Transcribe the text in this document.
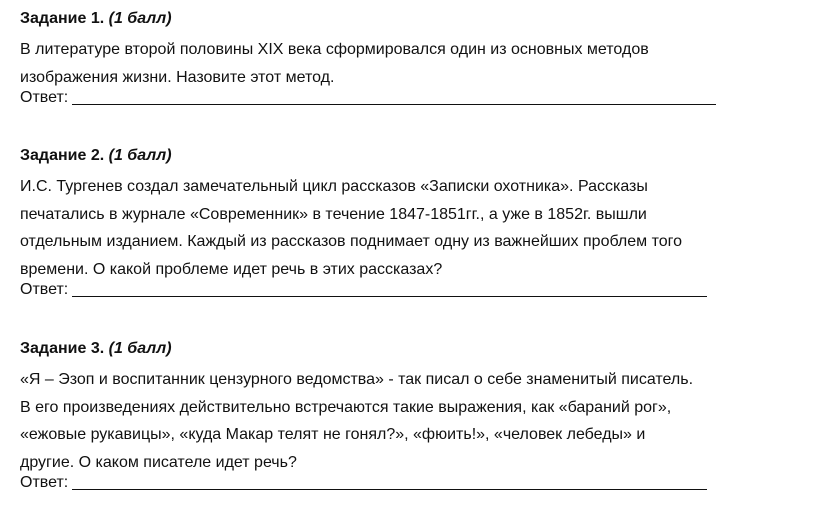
Задание 1. (1 балл)
В литературе второй половины XIX века сформировался один из основных методов
изображения жизни. Назовите этот метод.
Ответ:
Задание 2. (1 балл)
И.С. Тургенев создал замечательный цикл рассказов «Записки охотника». Рассказы
печатались в журнале «Современник» в течение 1847-1851гг., а уже в 1852г. вышли
отдельным изданием. Каждый из рассказов поднимает одну из важнейших проблем того
времени. О какой проблеме идет речь в этих рассказах?
Ответ:
Задание 3. (1 балл)
«Я – Эзоп и воспитанник цензурного ведомства» - так писал о себе знаменитый писатель.
В его произведениях действительно встречаются такие выражения, как «бараний рог»,
«ежовые рукавицы», «куда Макар телят не гонял?», «фюить!», «человек лебеды» и
другие. О каком писателе идет речь?
Ответ:
